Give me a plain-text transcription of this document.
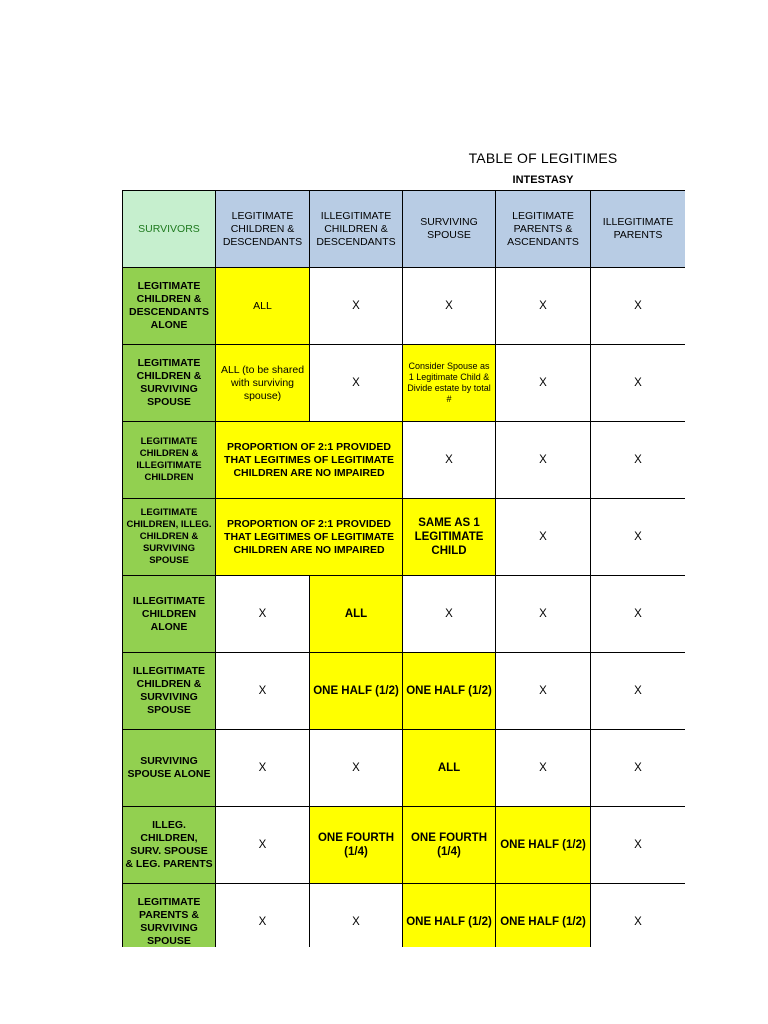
TABLE OF LEGITIMES
INTESTASY
SURVIVORS	LEGITIMATE CHILDREN & DESCENDANTS	ILLEGITIMATE CHILDREN & DESCENDANTS	SURVIVING SPOUSE	LEGITIMATE PARENTS & ASCENDANTS	ILLEGITIMATE PARENTS
LEGITIMATE CHILDREN & DESCENDANTS ALONE	ALL	X	X	X	X
LEGITIMATE CHILDREN & SURVIVING SPOUSE	ALL (to be shared with surviving spouse)	X	Consider Spouse as 1 Legitimate Child & Divide estate by total #	X	X
LEGITIMATE CHILDREN & ILLEGITIMATE CHILDREN	PROPORTION OF 2:1 PROVIDED THAT LEGITIMES OF LEGITIMATE CHILDREN ARE NO IMPAIRED		X	X	X
LEGITIMATE CHILDREN, ILLEG. CHILDREN & SURVIVING SPOUSE	PROPORTION OF 2:1 PROVIDED THAT LEGITIMES OF LEGITIMATE CHILDREN ARE NO IMPAIRED		SAME AS 1 LEGITIMATE CHILD	X	X
ILLEGITIMATE CHILDREN ALONE	X	ALL	X	X	X
ILLEGITIMATE CHILDREN & SURVIVING SPOUSE	X	ONE HALF (1/2)	ONE HALF (1/2)	X	X
SURVIVING SPOUSE ALONE	X	X	ALL	X	X
ILLEG. CHILDREN, SURV. SPOUSE & LEG. PARENTS	X	ONE FOURTH (1/4)	ONE FOURTH (1/4)	ONE HALF (1/2)	X
LEGITIMATE PARENTS & SURVIVING SPOUSE	X	X	ONE HALF (1/2)	ONE HALF (1/2)	X
